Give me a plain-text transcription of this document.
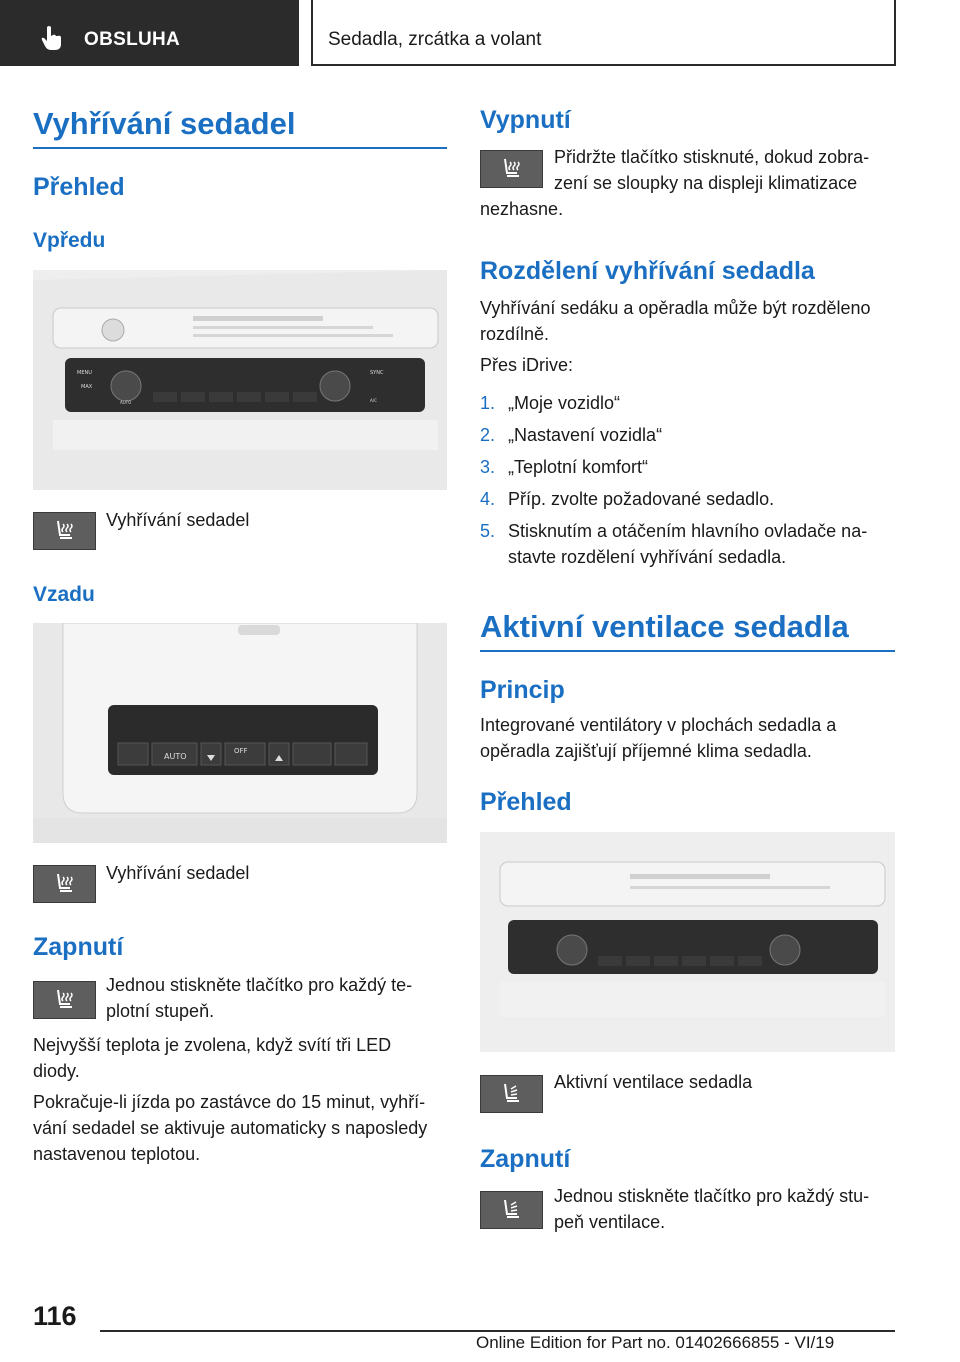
OBSLUHA	Sedadla, zrcátka a volant
Vyhřívání sedadel
Přehled
Vpředu
MENU
MAX
SYNC
AUTO	A/C
Vyhřívání sedadel
Vzadu
AUTO
OFF
Vyhřívání sedadel
Zapnutí
Jednou stiskněte tlačítko pro každý te-
plotní stupeň.
Nejvyšší teplota je zvolena, když svítí tři LED
diody.
Pokračuje-li jízda po zastávce do 15 minut, vyhří-
vání sedadel se aktivuje automaticky s naposledy
nastavenou teplotou.
Vypnutí
Přidržte tlačítko stisknuté, dokud zobra-
zení se sloupky na displeji klimatizace
nezhasne.
Rozdělení vyhřívání sedadla
Vyhřívání sedáku a opěradla může být rozděleno
rozdílně.
Přes iDrive:
1. „Moje vozidlo“
2. „Nastavení vozidla“
3. „Teplotní komfort“
4. Příp. zvolte požadované sedadlo.
5. Stisknutím a otáčením hlavního ovladače na-
stavte rozdělení vyhřívání sedadla.
Aktivní ventilace sedadla
Princip
Integrované ventilátory v plochách sedadla a
opěradla zajišťují příjemné klima sedadla.
Přehled
Aktivní ventilace sedadla
Zapnutí
Jednou stiskněte tlačítko pro každý stu-
peň ventilace.
116
Online Edition for Part no. 01402666855 - VI/19
